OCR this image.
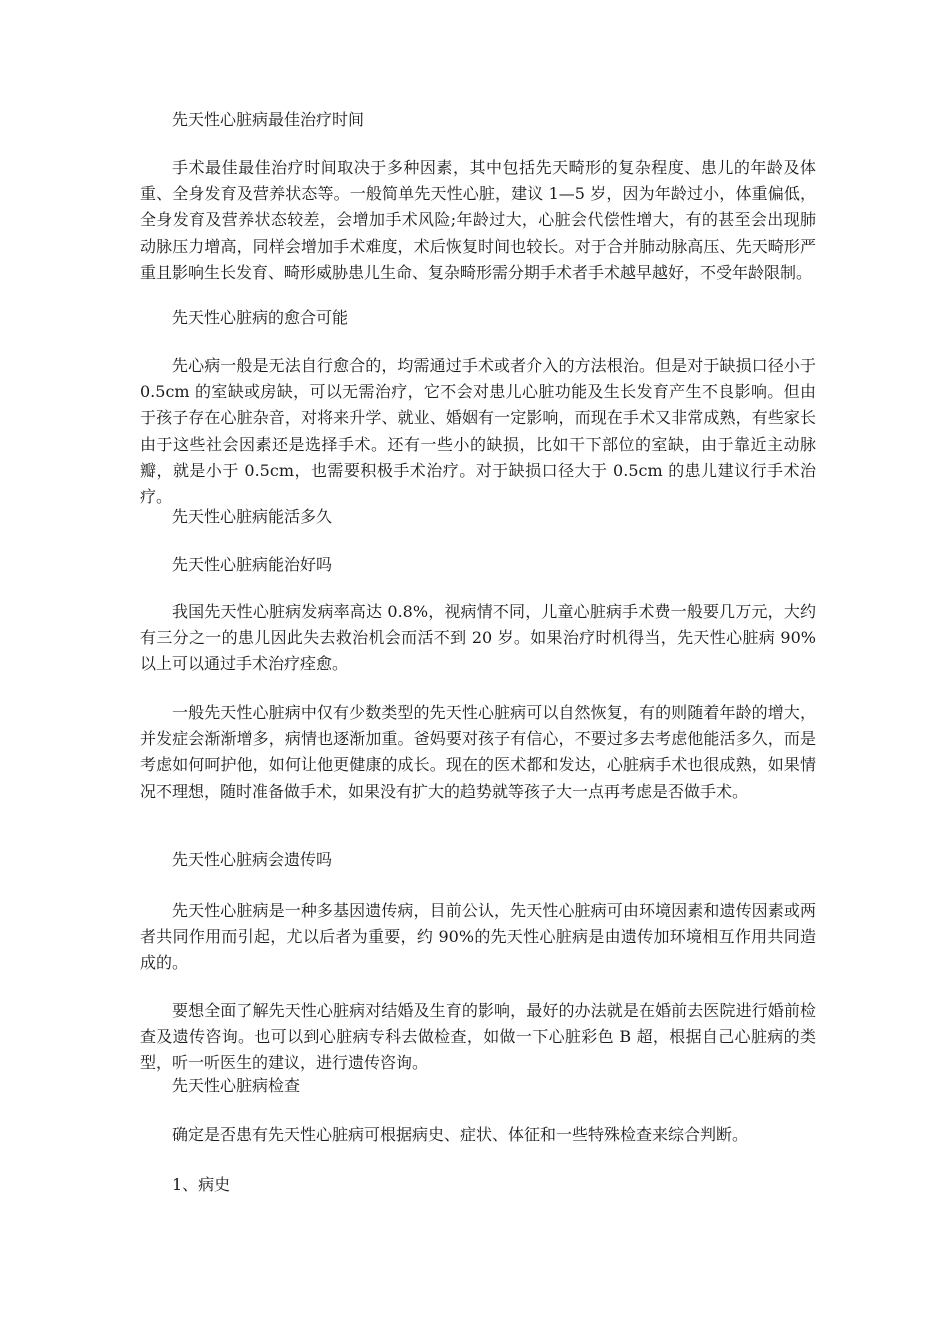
先天性心脏病最佳治疗时间

手术最佳最佳治疗时间取决于多种因素，其中包括先天畸形的复杂程度、患儿的年龄及体重、全身发育及营养状态等。一般简单先天性心脏，建议 1—5 岁，因为年龄过小，体重偏低，全身发育及营养状态较差，会增加手术风险;年龄过大，心脏会代偿性增大，有的甚至会出现肺动脉压力增高，同样会增加手术难度，术后恢复时间也较长。对于合并肺动脉高压、先天畸形严重且影响生长发育、畸形威胁患儿生命、复杂畸形需分期手术者手术越早越好，不受年龄限制。

先天性心脏病的愈合可能

先心病一般是无法自行愈合的，均需通过手术或者介入的方法根治。但是对于缺损口径小于 0.5cm 的室缺或房缺，可以无需治疗，它不会对患儿心脏功能及生长发育产生不良影响。但由于孩子存在心脏杂音，对将来升学、就业、婚姻有一定影响，而现在手术又非常成熟，有些家长由于这些社会因素还是选择手术。还有一些小的缺损，比如干下部位的室缺，由于靠近主动脉瓣，就是小于 0.5cm，也需要积极手术治疗。对于缺损口径大于 0.5cm 的患儿建议行手术治疗。

先天性心脏病能活多久

先天性心脏病能治好吗

我国先天性心脏病发病率高达 0.8%，视病情不同，儿童心脏病手术费一般要几万元，大约有三分之一的患儿因此失去救治机会而活不到 20 岁。如果治疗时机得当，先天性心脏病 90%以上可以通过手术治疗痊愈。

一般先天性心脏病中仅有少数类型的先天性心脏病可以自然恢复，有的则随着年龄的增大，并发症会渐渐增多，病情也逐渐加重。爸妈要对孩子有信心，不要过多去考虑他能活多久，而是考虑如何呵护他，如何让他更健康的成长。现在的医术都和发达，心脏病手术也很成熟，如果情况不理想，随时准备做手术，如果没有扩大的趋势就等孩子大一点再考虑是否做手术。

先天性心脏病会遗传吗

先天性心脏病是一种多基因遗传病，目前公认，先天性心脏病可由环境因素和遗传因素或两者共同作用而引起，尤以后者为重要，约 90%的先天性心脏病是由遗传加环境相互作用共同造成的。

要想全面了解先天性心脏病对结婚及生育的影响，最好的办法就是在婚前去医院进行婚前检查及遗传咨询。也可以到心脏病专科去做检查，如做一下心脏彩色 B 超，根据自己心脏病的类型，听一听医生的建议，进行遗传咨询。

先天性心脏病检查

确定是否患有先天性心脏病可根据病史、症状、体征和一些特殊检查来综合判断。

1、病史
